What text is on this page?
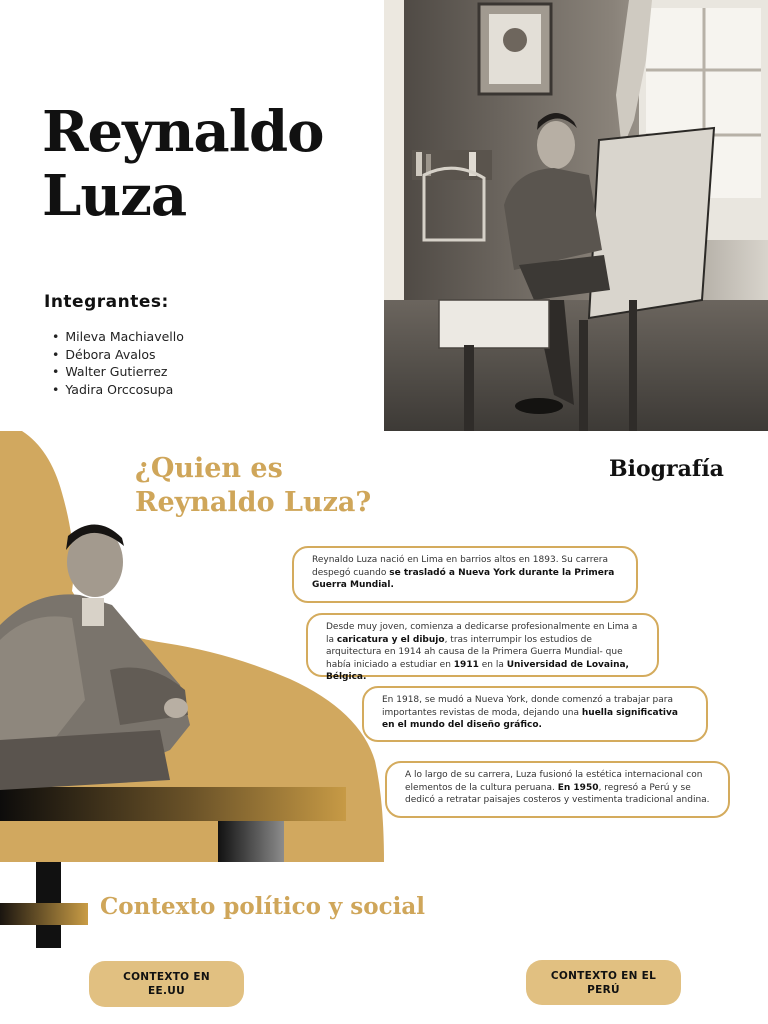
Reynaldo
Luza
Integrantes:
• Mileva Machiavello
• Débora Avalos
• Walter Gutierrez
• Yadira Orccosupa
¿Quien es
Reynaldo Luza?
Biografía
Reynaldo Luza nació en Lima en barrios altos en 1893. Su carrera despegó cuando se trasladó a Nueva York durante la Primera Guerra Mundial.
Desde muy joven, comienza a dedicarse profesionalmente en Lima a la caricatura y el dibujo, tras interrumpir los estudios de arquitectura en 1914 ah causa de la Primera Guerra Mundial- que había iniciado a estudiar en 1911 en la Universidad de Lovaina, Bélgica.
En 1918, se mudó a Nueva York, donde comenzó a trabajar para importantes revistas de moda, dejando una huella significativa en el mundo del diseño gráfico.
A lo largo de su carrera, Luza fusionó la estética internacional con elementos de la cultura peruana. En 1950, regresó a Perú y se dedicó a retratar paisajes costeros y vestimenta tradicional andina.
Contexto político y social
CONTEXTO EN EE.UU
CONTEXTO EN EL PERÚ
